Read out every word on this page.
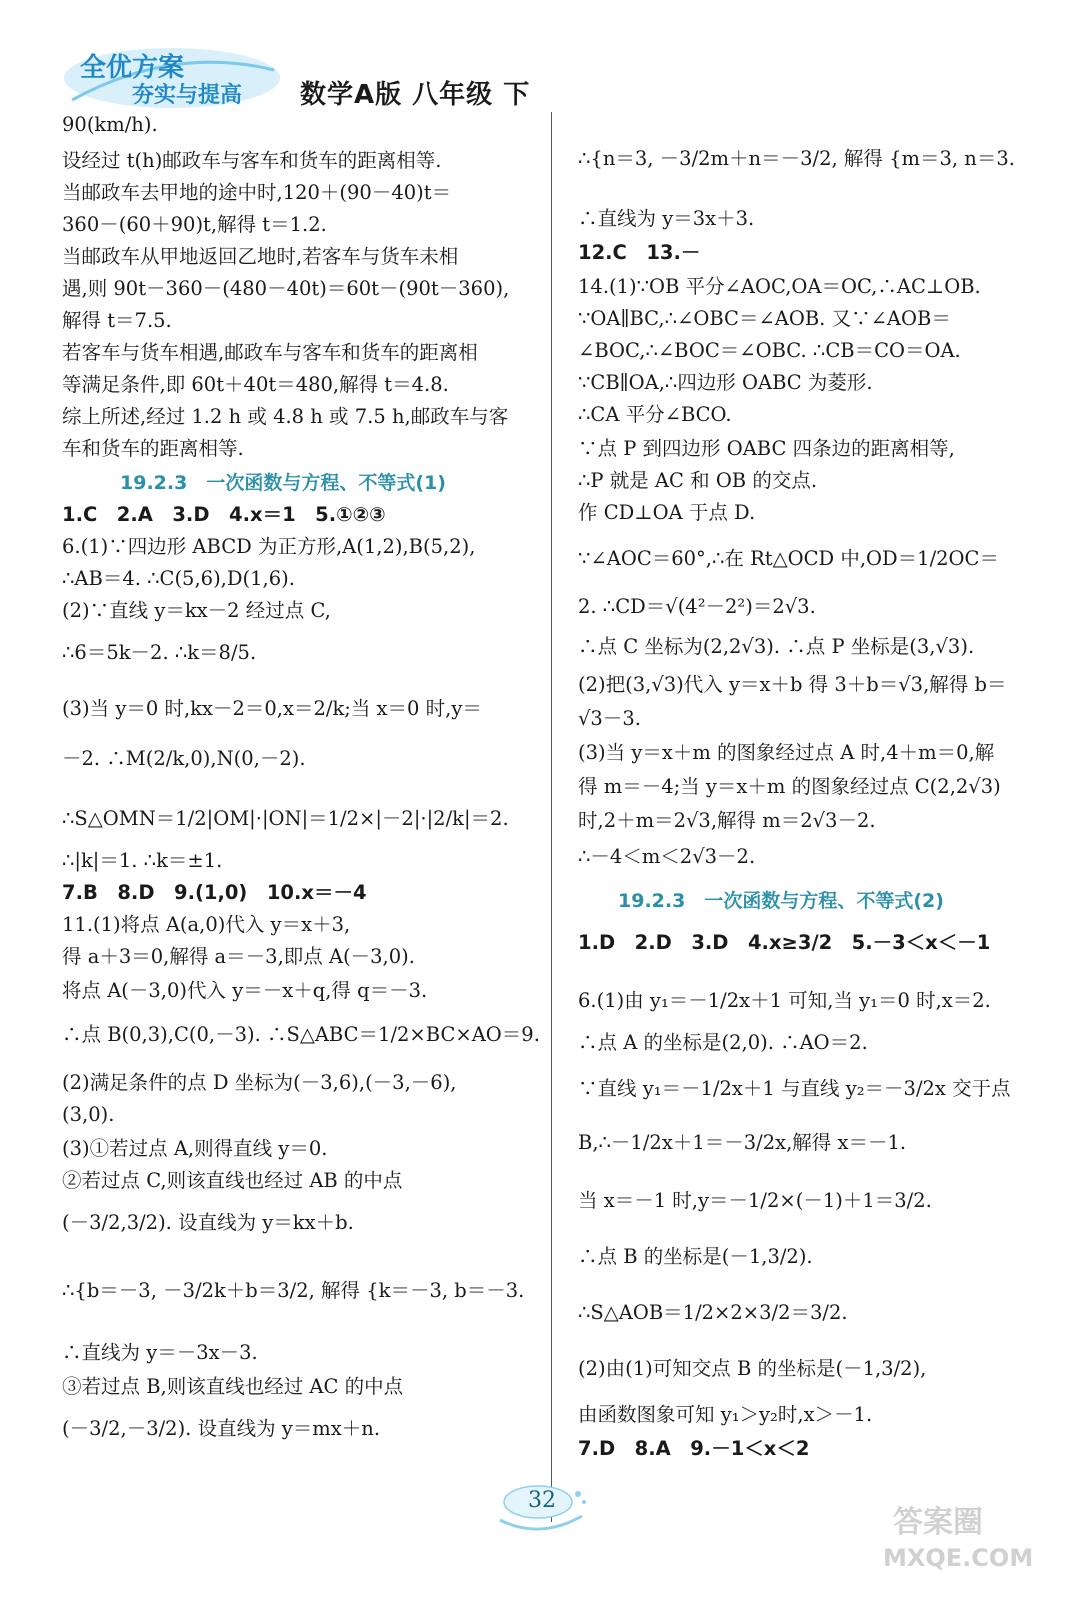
全优方案
夯实与提高 数学A版 八年级 下
90(km/h).
设经过 t(h)邮政车与客车和货车的距离相等.
当邮政车去甲地的途中时,120＋(90－40)t＝
360－(60＋90)t,解得 t＝1.2.
当邮政车从甲地返回乙地时,若客车与货车未相
遇,则 90t－360－(480－40t)＝60t－(90t－360),
解得 t＝7.5.
若客车与货车相遇,邮政车与客车和货车的距离相
等满足条件,即 60t＋40t＝480,解得 t＝4.8.
综上所述,经过 1.2 h 或 4.8 h 或 7.5 h,邮政车与客
车和货车的距离相等.
19.2.3　一次函数与方程、不等式(1)
1.C　2.A　3.D　4.x＝1　5.①②③
6.(1)∵四边形 ABCD 为正方形,A(1,2),B(5,2),
∴AB＝4. ∴C(5,6),D(1,6).
(2)∵直线 y＝kx－2 经过点 C,
∴6＝5k－2. ∴k＝8/5.
(3)当 y＝0 时,kx－2＝0,x＝2/k;当 x＝0 时,y＝
－2. ∴M(2/k,0),N(0,－2).
∴S△OMN＝1/2|OM|·|ON|＝1/2×|－2|·|2/k|＝2.
∴|k|＝1. ∴k＝±1.
7.B　8.D　9.(1,0)　10.x＝－4
11.(1)将点 A(a,0)代入 y＝x＋3,
得 a＋3＝0,解得 a＝－3,即点 A(－3,0).
将点 A(－3,0)代入 y＝－x＋q,得 q＝－3.
∴点 B(0,3),C(0,－3). ∴S△ABC＝1/2×BC×AO＝9.
(2)满足条件的点 D 坐标为(－3,6),(－3,－6),
(3,0).
(3)①若过点 A,则得直线 y＝0.
②若过点 C,则该直线也经过 AB 的中点
(－3/2,3/2). 设直线为 y＝kx＋b.
∴{b＝－3, －3/2k＋b＝3/2, 解得 {k＝－3, b＝－3.
∴直线为 y＝－3x－3.
③若过点 B,则该直线也经过 AC 的中点
(－3/2,－3/2). 设直线为 y＝mx＋n.
∴{n＝3, －3/2m＋n＝－3/2, 解得 {m＝3, n＝3.
∴直线为 y＝3x＋3.
12.C　13.－
14.(1)∵OB 平分∠AOC,OA＝OC,∴AC⊥OB.
∵OA∥BC,∴∠OBC＝∠AOB. 又∵∠AOB＝
∠BOC,∴∠BOC＝∠OBC. ∴CB＝CO＝OA.
∵CB∥OA,∴四边形 OABC 为菱形.
∴CA 平分∠BCO.
∵点 P 到四边形 OABC 四条边的距离相等,
∴P 就是 AC 和 OB 的交点.
作 CD⊥OA 于点 D.
∵∠AOC＝60°,∴在 Rt△OCD 中,OD＝1/2OC＝
2. ∴CD＝√(4²－2²)＝2√3.
∴点 C 坐标为(2,2√3). ∴点 P 坐标是(3,√3).
(2)把(3,√3)代入 y＝x＋b 得 3＋b＝√3,解得 b＝
√3－3.
(3)当 y＝x＋m 的图象经过点 A 时,4＋m＝0,解
得 m＝－4;当 y＝x＋m 的图象经过点 C(2,2√3)
时,2＋m＝2√3,解得 m＝2√3－2.
∴－4＜m＜2√3－2.
19.2.3　一次函数与方程、不等式(2)
1.D　2.D　3.D　4.x≥3/2　5.－3＜x＜－1
6.(1)由 y₁＝－1/2x＋1 可知,当 y₁＝0 时,x＝2.
∴点 A 的坐标是(2,0). ∴AO＝2.
∵直线 y₁＝－1/2x＋1 与直线 y₂＝－3/2x 交于点
B,∴－1/2x＋1＝－3/2x,解得 x＝－1.
当 x＝－1 时,y＝－1/2×(－1)＋1＝3/2.
∴点 B 的坐标是(－1,3/2).
∴S△AOB＝1/2×2×3/2＝3/2.
(2)由(1)可知交点 B 的坐标是(－1,3/2),
由函数图象可知 y₁＞y₂时,x＞－1.
7.D　8.A　9.－1＜x＜2
32
答案圈
MXQE.COM
